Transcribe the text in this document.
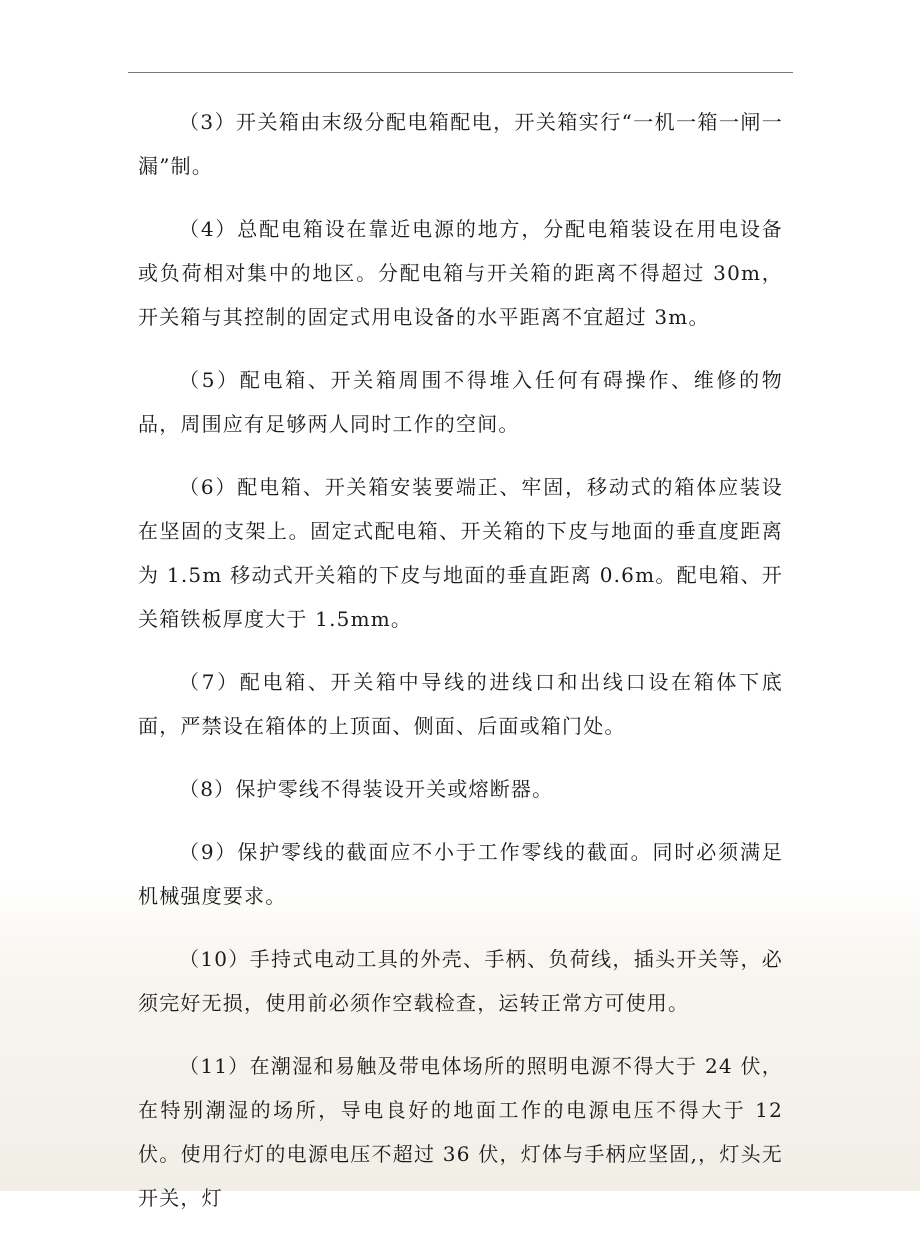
（3）开关箱由末级分配电箱配电，开关箱实行“一机一箱一闸一漏”制。

（4）总配电箱设在靠近电源的地方，分配电箱装设在用电设备或负荷相对集中的地区。分配电箱与开关箱的距离不得超过 30m，开关箱与其控制的固定式用电设备的水平距离不宜超过 3m。

（5）配电箱、开关箱周围不得堆入任何有碍操作、维修的物品，周围应有足够两人同时工作的空间。

（6）配电箱、开关箱安装要端正、牢固，移动式的箱体应装设在坚固的支架上。固定式配电箱、开关箱的下皮与地面的垂直度距离为 1.5m 移动式开关箱的下皮与地面的垂直距离 0.6m。配电箱、开关箱铁板厚度大于 1.5mm。

（7）配电箱、开关箱中导线的进线口和出线口设在箱体下底面，严禁设在箱体的上顶面、侧面、后面或箱门处。

（8）保护零线不得装设开关或熔断器。

（9）保护零线的截面应不小于工作零线的截面。同时必须满足机械强度要求。

（10）手持式电动工具的外壳、手柄、负荷线，插头开关等，必须完好无损，使用前必须作空载检查，运转正常方可使用。

（11）在潮湿和易触及带电体场所的照明电源不得大于 24 伏，在特别潮湿的场所，导电良好的地面工作的电源电压不得大于 12 伏。使用行灯的电源电压不超过 36 伏，灯体与手柄应坚固,，灯头无开关，灯
